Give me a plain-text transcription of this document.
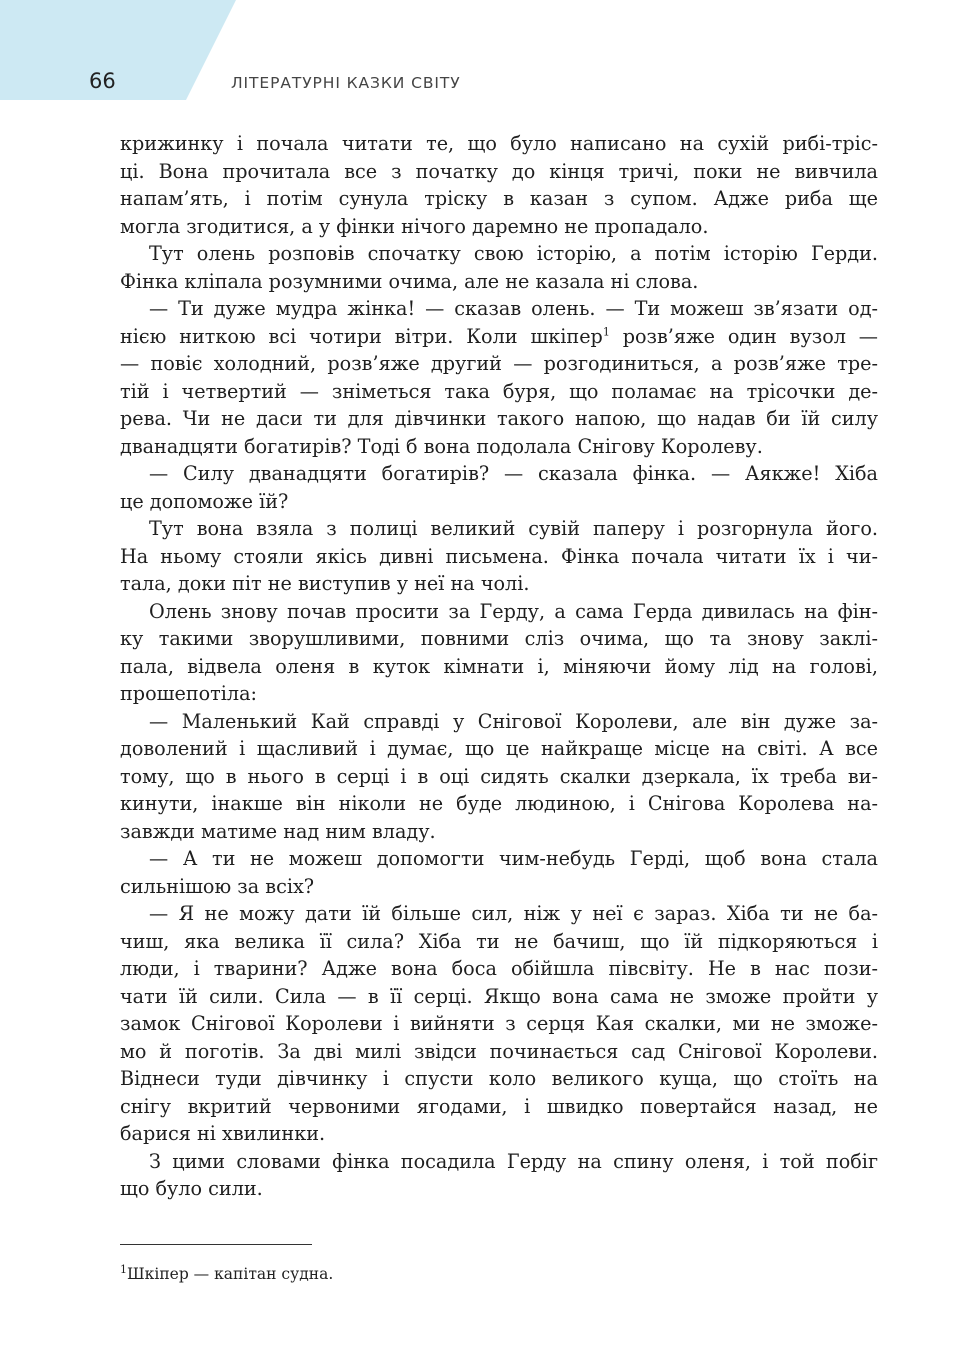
66	ЛІТЕРАТУРНІ КАЗКИ СВІТУ
крижинку і почала читати те, що було написано на сухій рибі-тріс-
ці. Вона прочитала все з початку до кінця тричі, поки не вивчила
напам’ять, і потім сунула тріску в казан з супом. Адже риба ще
могла згодитися, а у фінки нічого даремно не пропадало.
Тут олень розповів спочатку свою історію, а потім історію Герди.
Фінка кліпала розумними очима, але не казала ні слова.
— Ти дуже мудра жінка! — сказав олень. — Ти можеш зв’язати од-
нією ниткою всі чотири вітри. Коли шкіпер$^1$ розв’яже один вузол —
— повіє холодний, розв’яже другий — розгодиниться, а розв’яже тре-
тій і четвертий — зніметься така буря, що поламає на трісочки де-
рева. Чи не даси ти для дівчинки такого напою, що надав би їй силу
дванадцяти богатирів? Тоді б вона подолала Снігову Королеву.
— Силу дванадцяти богатирів? — сказала фінка. — Аякже! Хіба
це допоможе їй?
Тут вона взяла з полиці великий сувій паперу і розгорнула його.
На ньому стояли якісь дивні письмена. Фінка почала читати їх і чи-
тала, доки піт не виступив у неї на чолі.
Олень знову почав просити за Герду, а сама Герда дивилась на фін-
ку такими зворушливими, повними сліз очима, що та знову заклі-
пала, відвела оленя в куток кімнати і, міняючи йому лід на голові,
прошепотіла:
— Маленький Кай справді у Снігової Королеви, але він дуже за-
доволений і щасливий і думає, що це найкраще місце на світі. А все
тому, що в нього в серці і в оці сидять скалки дзеркала, їх треба ви-
кинути, інакше він ніколи не буде людиною, і Снігова Королева на-
завжди матиме над ним владу.
— А ти не можеш допомогти чим-небудь Герді, щоб вона стала
сильнішою за всіх?
— Я не можу дати їй більше сил, ніж у неї є зараз. Хіба ти не ба-
чиш, яка велика її сила? Хіба ти не бачиш, що їй підкоряються і
люди, і тварини? Адже вона боса обійшла півсвіту. Не в нас пози-
чати їй сили. Сила — в її серці. Якщо вона сама не зможе пройти у
замок Снігової Королеви і вийняти з серця Кая скалки, ми не зможе-
мо й поготів. За дві милі звідси починається сад Снігової Королеви.
Віднеси туди дівчинку і спусти коло великого куща, що стоїть на
снігу вкритий червоними ягодами, і швидко повертайся назад, не
барися ні хвилинки.
З цими словами фінка посадила Герду на спину оленя, і той побіг
що було сили.
$^1$Шкіпер — капітан судна.
